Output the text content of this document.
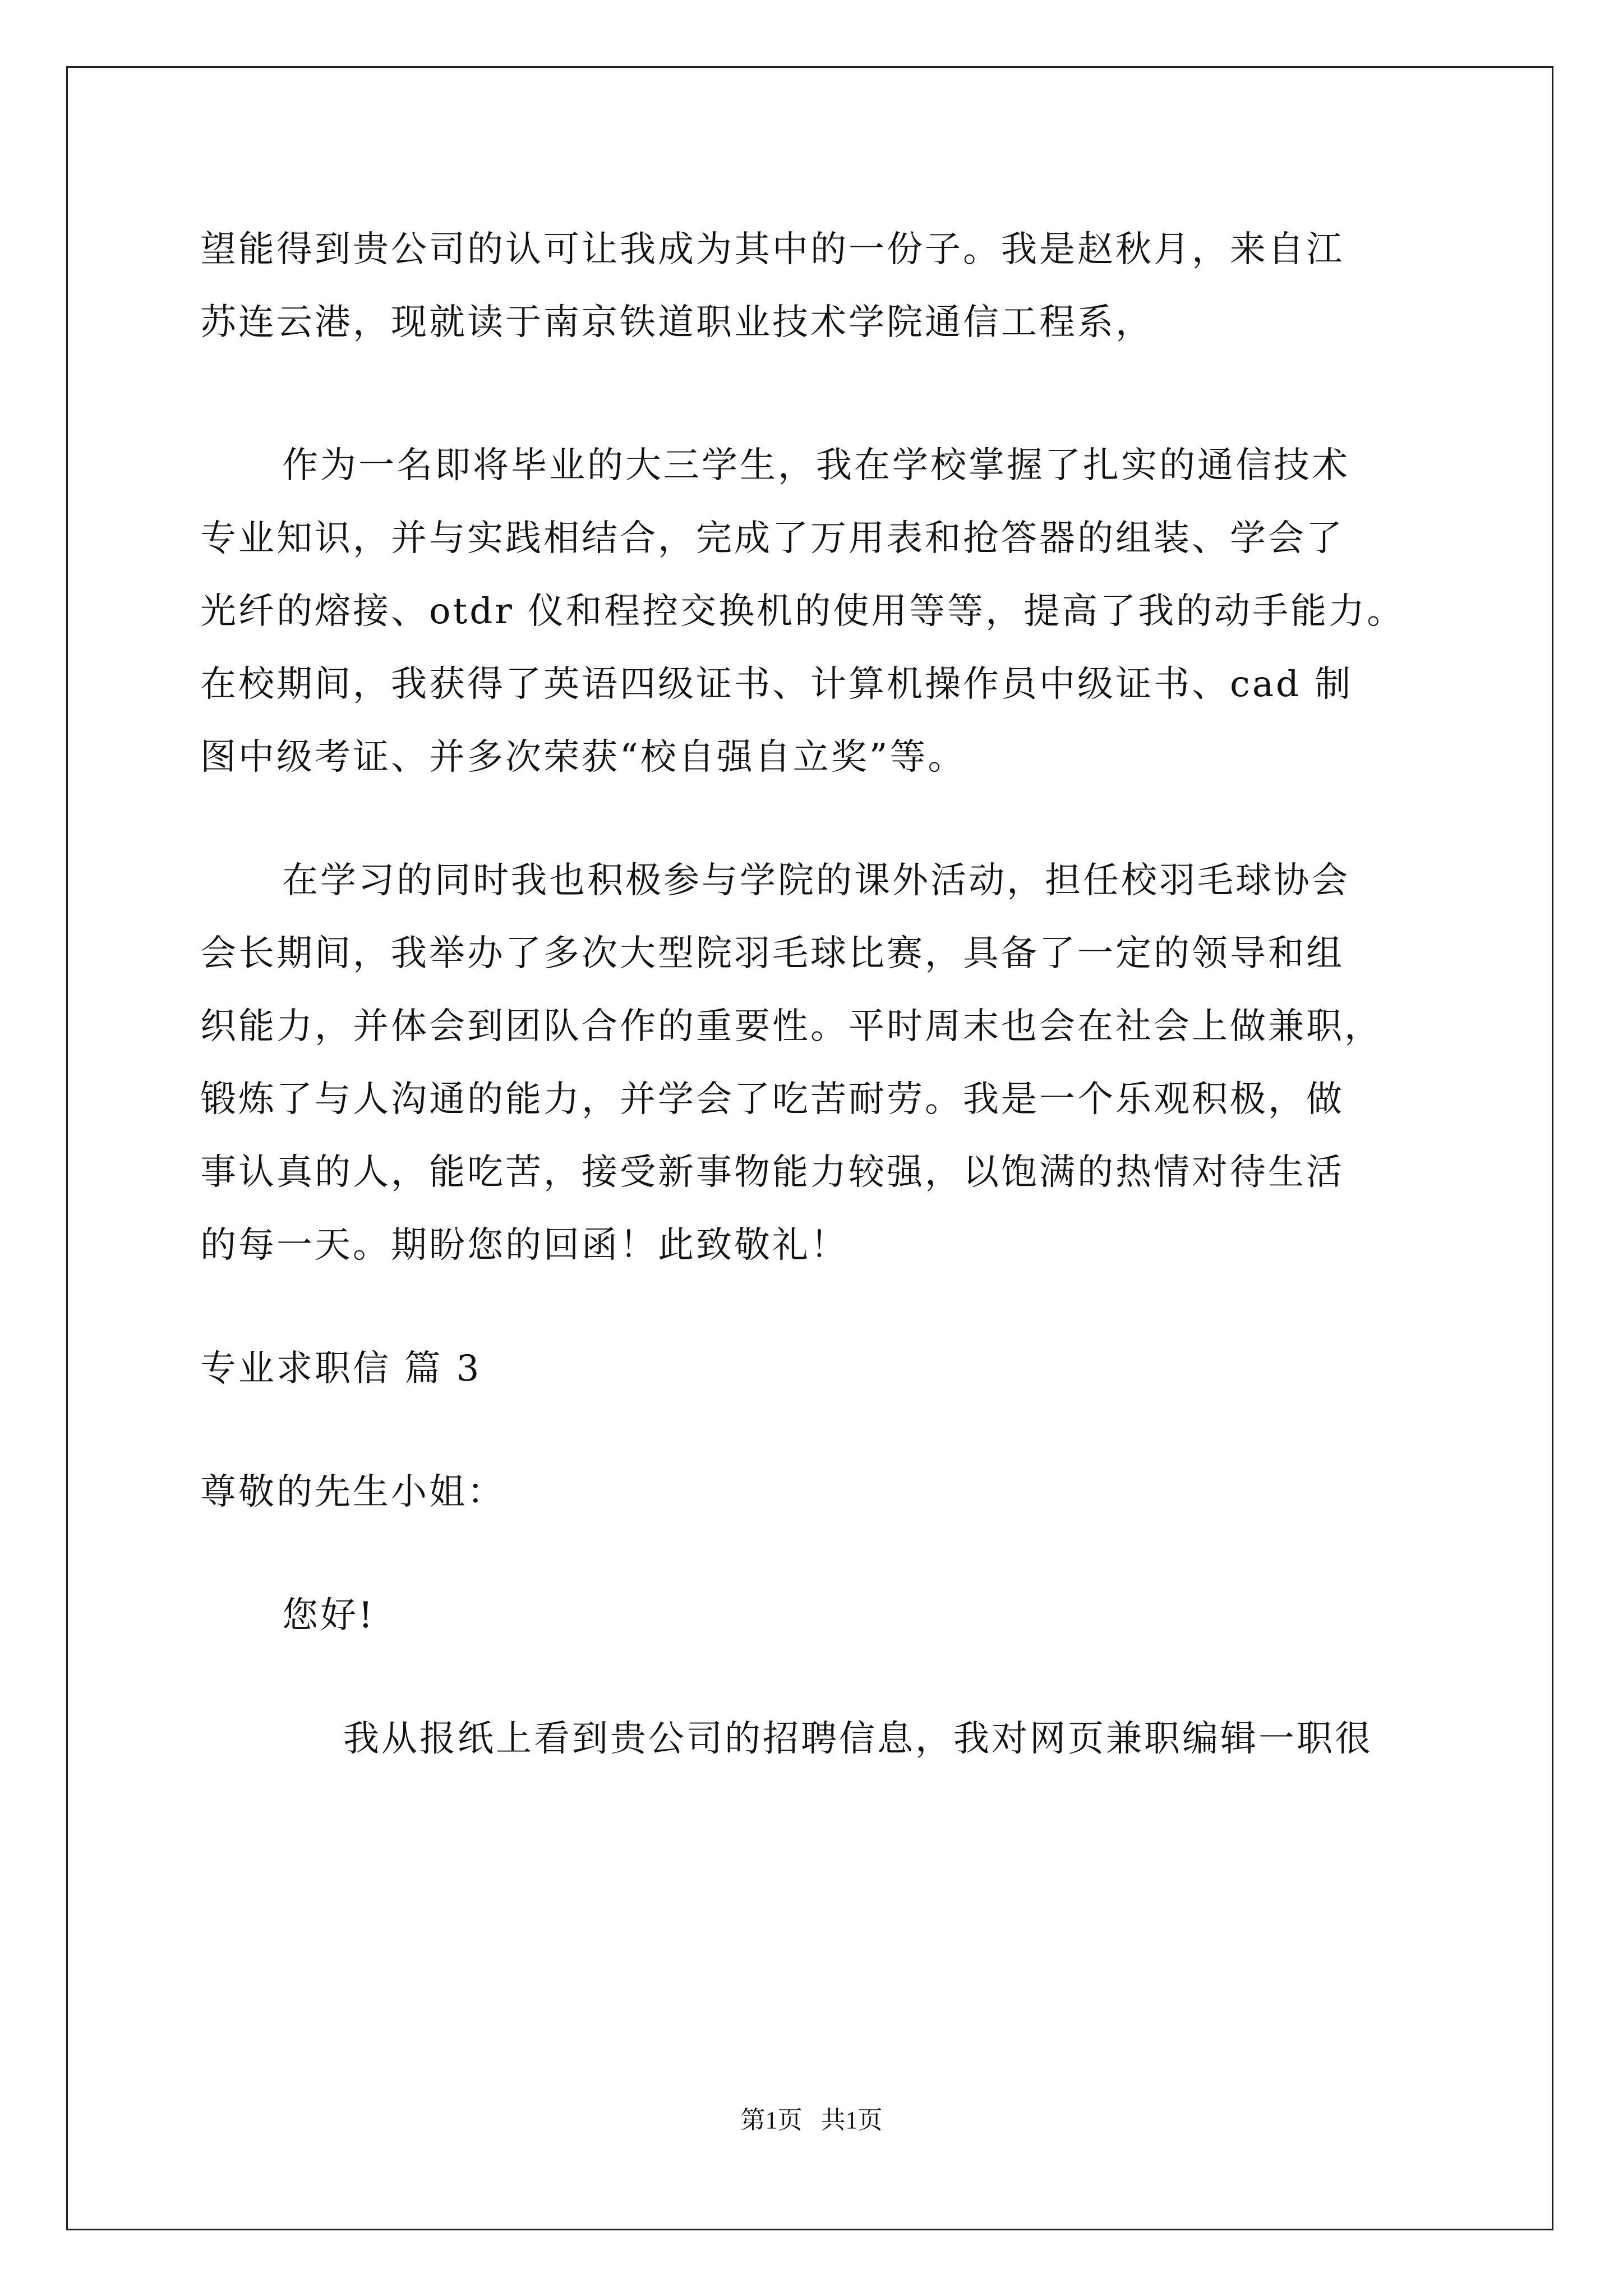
望能得到贵公司的认可让我成为其中的一份子。我是赵秋月，来自江
苏连云港，现就读于南京铁道职业技术学院通信工程系，
作为一名即将毕业的大三学生，我在学校掌握了扎实的通信技术
专业知识，并与实践相结合，完成了万用表和抢答器的组装、学会了
光纤的熔接、otdr 仪和程控交换机的使用等等，提高了我的动手能力。
在校期间，我获得了英语四级证书、计算机操作员中级证书、cad 制
图中级考证、并多次荣获“校自强自立奖”等。
在学习的同时我也积极参与学院的课外活动，担任校羽毛球协会
会长期间，我举办了多次大型院羽毛球比赛，具备了一定的领导和组
织能力，并体会到团队合作的重要性。平时周末也会在社会上做兼职，
锻炼了与人沟通的能力，并学会了吃苦耐劳。我是一个乐观积极，做
事认真的人，能吃苦，接受新事物能力较强，以饱满的热情对待生活
的每一天。期盼您的回函！此致敬礼！
专业求职信 篇 3
尊敬的先生小姐：
您好!
我从报纸上看到贵公司的招聘信息，我对网页兼职编辑一职很
第1页   共1页
